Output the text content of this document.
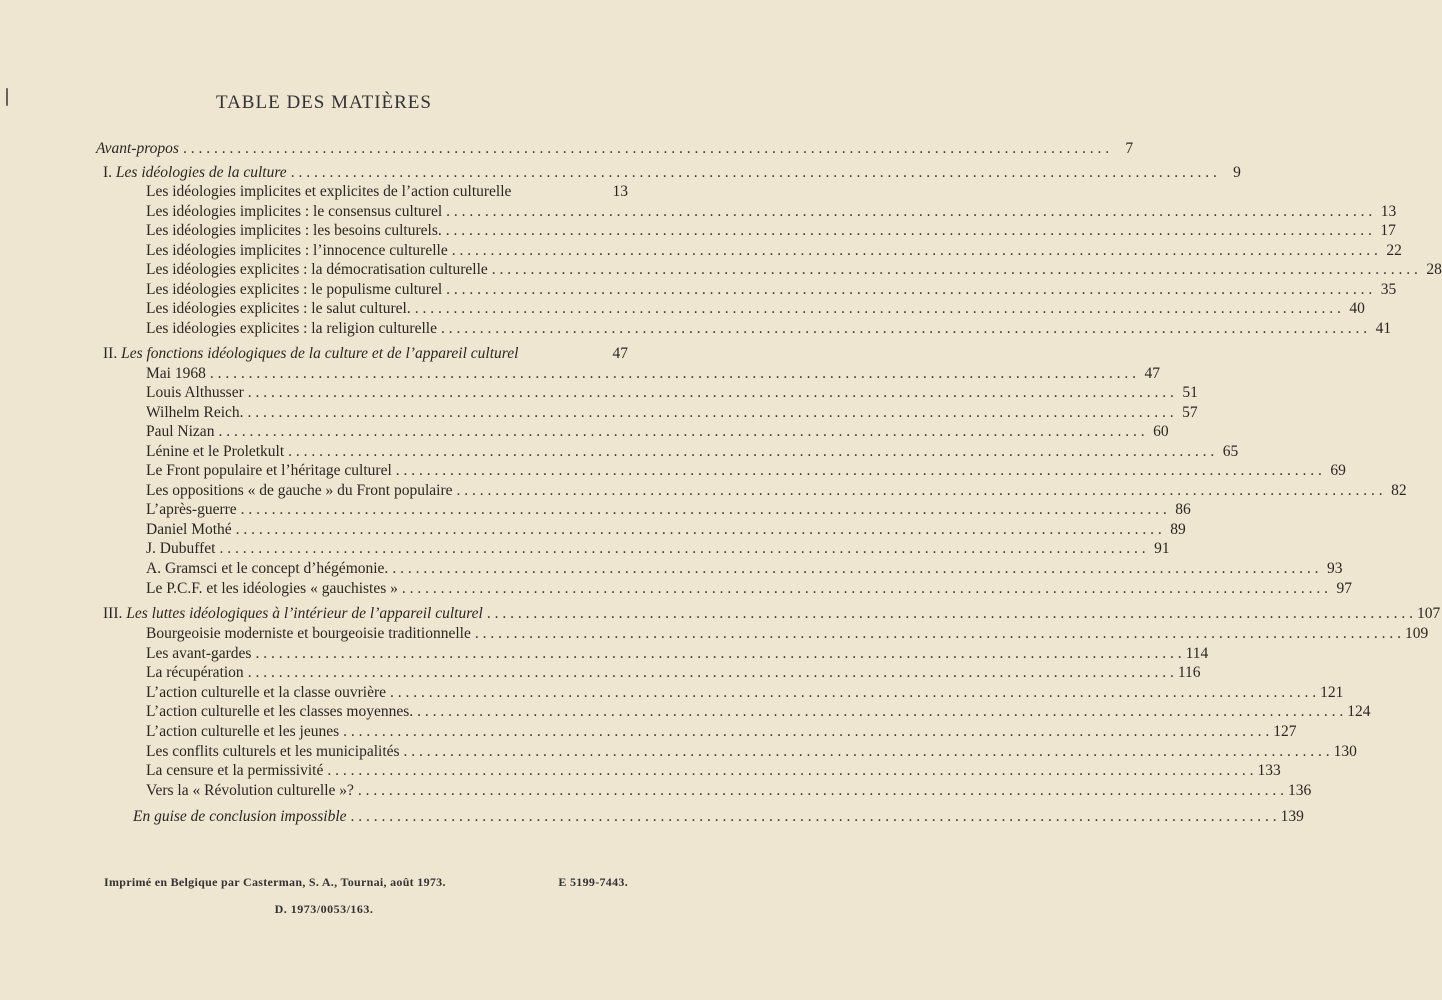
TABLE DES MATIÈRES
Avant-propos . . . . . . . . . . . . . . . . . . . . . . . . . . . . . . . . . . . . . . . . . . . . . . . . . . . . . . . . . . . . . . . . . . . . . . . . . . . . . . . . . . . . . . . . . . . . . . . . . . . . . . . . . . . . . . . . . . . . . . . .	7
I. Les idéologies de la culture . . . . . . . . . . . . . . . . . . . . . . . . . . . . . . . . . . . . . . . . . . . . . . . . . . . . . . . . . . . . . . . . . . . . . . . . . . . . . . . . . . . . . . . . . . . . . . . . . . . . . . . . . . . . . . . . . . . . . . . .	9
Les idéologies implicites et explicites de l’action culturelle	13
Les idéologies implicites : le consensus culturel . . . . . . . . . . . . . . . . . . . . . . . . . . . . . . . . . . . . . . . . . . . . . . . . . . . . . . . . . . . . . . . . . . . . . . . . . . . . . . . . . . . . . . . . . . . . . . . . . . . . . . . . . . . . . . . . . . . . . . . . 13
Les idéologies implicites : les besoins culturels. . . . . . . . . . . . . . . . . . . . . . . . . . . . . . . . . . . . . . . . . . . . . . . . . . . . . . . . . . . . . . . . . . . . . . . . . . . . . . . . . . . . . . . . . . . . . . . . . . . . . . . . . . . . . . . . . . . . . . . . . 17
Les idéologies implicites : l’innocence culturelle . . . . . . . . . . . . . . . . . . . . . . . . . . . . . . . . . . . . . . . . . . . . . . . . . . . . . . . . . . . . . . . . . . . . . . . . . . . . . . . . . . . . . . . . . . . . . . . . . . . . . . . . . . . . . . . . . . . . . . . . 22
Les idéologies explicites : la démocratisation culturelle . . . . . . . . . . . . . . . . . . . . . . . . . . . . . . . . . . . . . . . . . . . . . . . . . . . . . . . . . . . . . . . . . . . . . . . . . . . . . . . . . . . . . . . . . . . . . . . . . . . . . . . . . . . . . . . . . . . . . . . . 28
Les idéologies explicites : le populisme culturel . . . . . . . . . . . . . . . . . . . . . . . . . . . . . . . . . . . . . . . . . . . . . . . . . . . . . . . . . . . . . . . . . . . . . . . . . . . . . . . . . . . . . . . . . . . . . . . . . . . . . . . . . . . . . . . . . . . . . . . . 35
Les idéologies explicites : le salut culturel. . . . . . . . . . . . . . . . . . . . . . . . . . . . . . . . . . . . . . . . . . . . . . . . . . . . . . . . . . . . . . . . . . . . . . . . . . . . . . . . . . . . . . . . . . . . . . . . . . . . . . . . . . . . . . . . . . . . . . . . . 40
Les idéologies explicites : la religion culturelle . . . . . . . . . . . . . . . . . . . . . . . . . . . . . . . . . . . . . . . . . . . . . . . . . . . . . . . . . . . . . . . . . . . . . . . . . . . . . . . . . . . . . . . . . . . . . . . . . . . . . . . . . . . . . . . . . . . . . . . . 41
II. Les fonctions idéologiques de la culture et de l’appareil culturel	47
Mai 1968 . . . . . . . . . . . . . . . . . . . . . . . . . . . . . . . . . . . . . . . . . . . . . . . . . . . . . . . . . . . . . . . . . . . . . . . . . . . . . . . . . . . . . . . . . . . . . . . . . . . . . . . . . . . . . . . . . . . . . . . . 47
Louis Althusser . . . . . . . . . . . . . . . . . . . . . . . . . . . . . . . . . . . . . . . . . . . . . . . . . . . . . . . . . . . . . . . . . . . . . . . . . . . . . . . . . . . . . . . . . . . . . . . . . . . . . . . . . . . . . . . . . . . . . . . . 51
Wilhelm Reich. . . . . . . . . . . . . . . . . . . . . . . . . . . . . . . . . . . . . . . . . . . . . . . . . . . . . . . . . . . . . . . . . . . . . . . . . . . . . . . . . . . . . . . . . . . . . . . . . . . . . . . . . . . . . . . . . . . . . . . . . 57
Paul Nizan . . . . . . . . . . . . . . . . . . . . . . . . . . . . . . . . . . . . . . . . . . . . . . . . . . . . . . . . . . . . . . . . . . . . . . . . . . . . . . . . . . . . . . . . . . . . . . . . . . . . . . . . . . . . . . . . . . . . . . . . 60
Lénine et le Proletkult . . . . . . . . . . . . . . . . . . . . . . . . . . . . . . . . . . . . . . . . . . . . . . . . . . . . . . . . . . . . . . . . . . . . . . . . . . . . . . . . . . . . . . . . . . . . . . . . . . . . . . . . . . . . . . . . . . . . . . . . 65
Le Front populaire et l’héritage culturel . . . . . . . . . . . . . . . . . . . . . . . . . . . . . . . . . . . . . . . . . . . . . . . . . . . . . . . . . . . . . . . . . . . . . . . . . . . . . . . . . . . . . . . . . . . . . . . . . . . . . . . . . . . . . . . . . . . . . . . . 69
Les oppositions « de gauche » du Front populaire . . . . . . . . . . . . . . . . . . . . . . . . . . . . . . . . . . . . . . . . . . . . . . . . . . . . . . . . . . . . . . . . . . . . . . . . . . . . . . . . . . . . . . . . . . . . . . . . . . . . . . . . . . . . . . . . . . . . . . . . 82
L’après-guerre . . . . . . . . . . . . . . . . . . . . . . . . . . . . . . . . . . . . . . . . . . . . . . . . . . . . . . . . . . . . . . . . . . . . . . . . . . . . . . . . . . . . . . . . . . . . . . . . . . . . . . . . . . . . . . . . . . . . . . . . 86
Daniel Mothé . . . . . . . . . . . . . . . . . . . . . . . . . . . . . . . . . . . . . . . . . . . . . . . . . . . . . . . . . . . . . . . . . . . . . . . . . . . . . . . . . . . . . . . . . . . . . . . . . . . . . . . . . . . . . . . . . . . . . . . . 89
J. Dubuffet . . . . . . . . . . . . . . . . . . . . . . . . . . . . . . . . . . . . . . . . . . . . . . . . . . . . . . . . . . . . . . . . . . . . . . . . . . . . . . . . . . . . . . . . . . . . . . . . . . . . . . . . . . . . . . . . . . . . . . . . 91
A. Gramsci et le concept d’hégémonie. . . . . . . . . . . . . . . . . . . . . . . . . . . . . . . . . . . . . . . . . . . . . . . . . . . . . . . . . . . . . . . . . . . . . . . . . . . . . . . . . . . . . . . . . . . . . . . . . . . . . . . . . . . . . . . . . . . . . . . . . 93
Le P.C.F. et les idéologies « gauchistes » . . . . . . . . . . . . . . . . . . . . . . . . . . . . . . . . . . . . . . . . . . . . . . . . . . . . . . . . . . . . . . . . . . . . . . . . . . . . . . . . . . . . . . . . . . . . . . . . . . . . . . . . . . . . . . . . . . . . . . . . 97
III. Les luttes idéologiques à l’intérieur de l’appareil culturel . . . . . . . . . . . . . . . . . . . . . . . . . . . . . . . . . . . . . . . . . . . . . . . . . . . . . . . . . . . . . . . . . . . . . . . . . . . . . . . . . . . . . . . . . . . . . . . . . . . . . . . . . . . . . . . . . . . . . . . . 107
Bourgeoisie moderniste et bourgeoisie traditionnelle . . . . . . . . . . . . . . . . . . . . . . . . . . . . . . . . . . . . . . . . . . . . . . . . . . . . . . . . . . . . . . . . . . . . . . . . . . . . . . . . . . . . . . . . . . . . . . . . . . . . . . . . . . . . . . . . . . . . . . . . 109
Les avant-gardes . . . . . . . . . . . . . . . . . . . . . . . . . . . . . . . . . . . . . . . . . . . . . . . . . . . . . . . . . . . . . . . . . . . . . . . . . . . . . . . . . . . . . . . . . . . . . . . . . . . . . . . . . . . . . . . . . . . . . . . . 114
La récupération . . . . . . . . . . . . . . . . . . . . . . . . . . . . . . . . . . . . . . . . . . . . . . . . . . . . . . . . . . . . . . . . . . . . . . . . . . . . . . . . . . . . . . . . . . . . . . . . . . . . . . . . . . . . . . . . . . . . . . . . 116
L’action culturelle et la classe ouvrière . . . . . . . . . . . . . . . . . . . . . . . . . . . . . . . . . . . . . . . . . . . . . . . . . . . . . . . . . . . . . . . . . . . . . . . . . . . . . . . . . . . . . . . . . . . . . . . . . . . . . . . . . . . . . . . . . . . . . . . . 121
L’action culturelle et les classes moyennes. . . . . . . . . . . . . . . . . . . . . . . . . . . . . . . . . . . . . . . . . . . . . . . . . . . . . . . . . . . . . . . . . . . . . . . . . . . . . . . . . . . . . . . . . . . . . . . . . . . . . . . . . . . . . . . . . . . . . . . . . 124
L’action culturelle et les jeunes . . . . . . . . . . . . . . . . . . . . . . . . . . . . . . . . . . . . . . . . . . . . . . . . . . . . . . . . . . . . . . . . . . . . . . . . . . . . . . . . . . . . . . . . . . . . . . . . . . . . . . . . . . . . . . . . . . . . . . . . 127
Les conflits culturels et les municipalités . . . . . . . . . . . . . . . . . . . . . . . . . . . . . . . . . . . . . . . . . . . . . . . . . . . . . . . . . . . . . . . . . . . . . . . . . . . . . . . . . . . . . . . . . . . . . . . . . . . . . . . . . . . . . . . . . . . . . . . . 130
La censure et la permissivité . . . . . . . . . . . . . . . . . . . . . . . . . . . . . . . . . . . . . . . . . . . . . . . . . . . . . . . . . . . . . . . . . . . . . . . . . . . . . . . . . . . . . . . . . . . . . . . . . . . . . . . . . . . . . . . . . . . . . . . . 133
Vers la « Révolution culturelle »? . . . . . . . . . . . . . . . . . . . . . . . . . . . . . . . . . . . . . . . . . . . . . . . . . . . . . . . . . . . . . . . . . . . . . . . . . . . . . . . . . . . . . . . . . . . . . . . . . . . . . . . . . . . . . . . . . . . . . . . . 136
En guise de conclusion impossible . . . . . . . . . . . . . . . . . . . . . . . . . . . . . . . . . . . . . . . . . . . . . . . . . . . . . . . . . . . . . . . . . . . . . . . . . . . . . . . . . . . . . . . . . . . . . . . . . . . . . . . . . . . . . . . . . . . . . . . . 139
Imprimé en Belgique par Casterman, S. A., Tournai, août 1973.	E 5199-7443.
D. 1973/0053/163.
